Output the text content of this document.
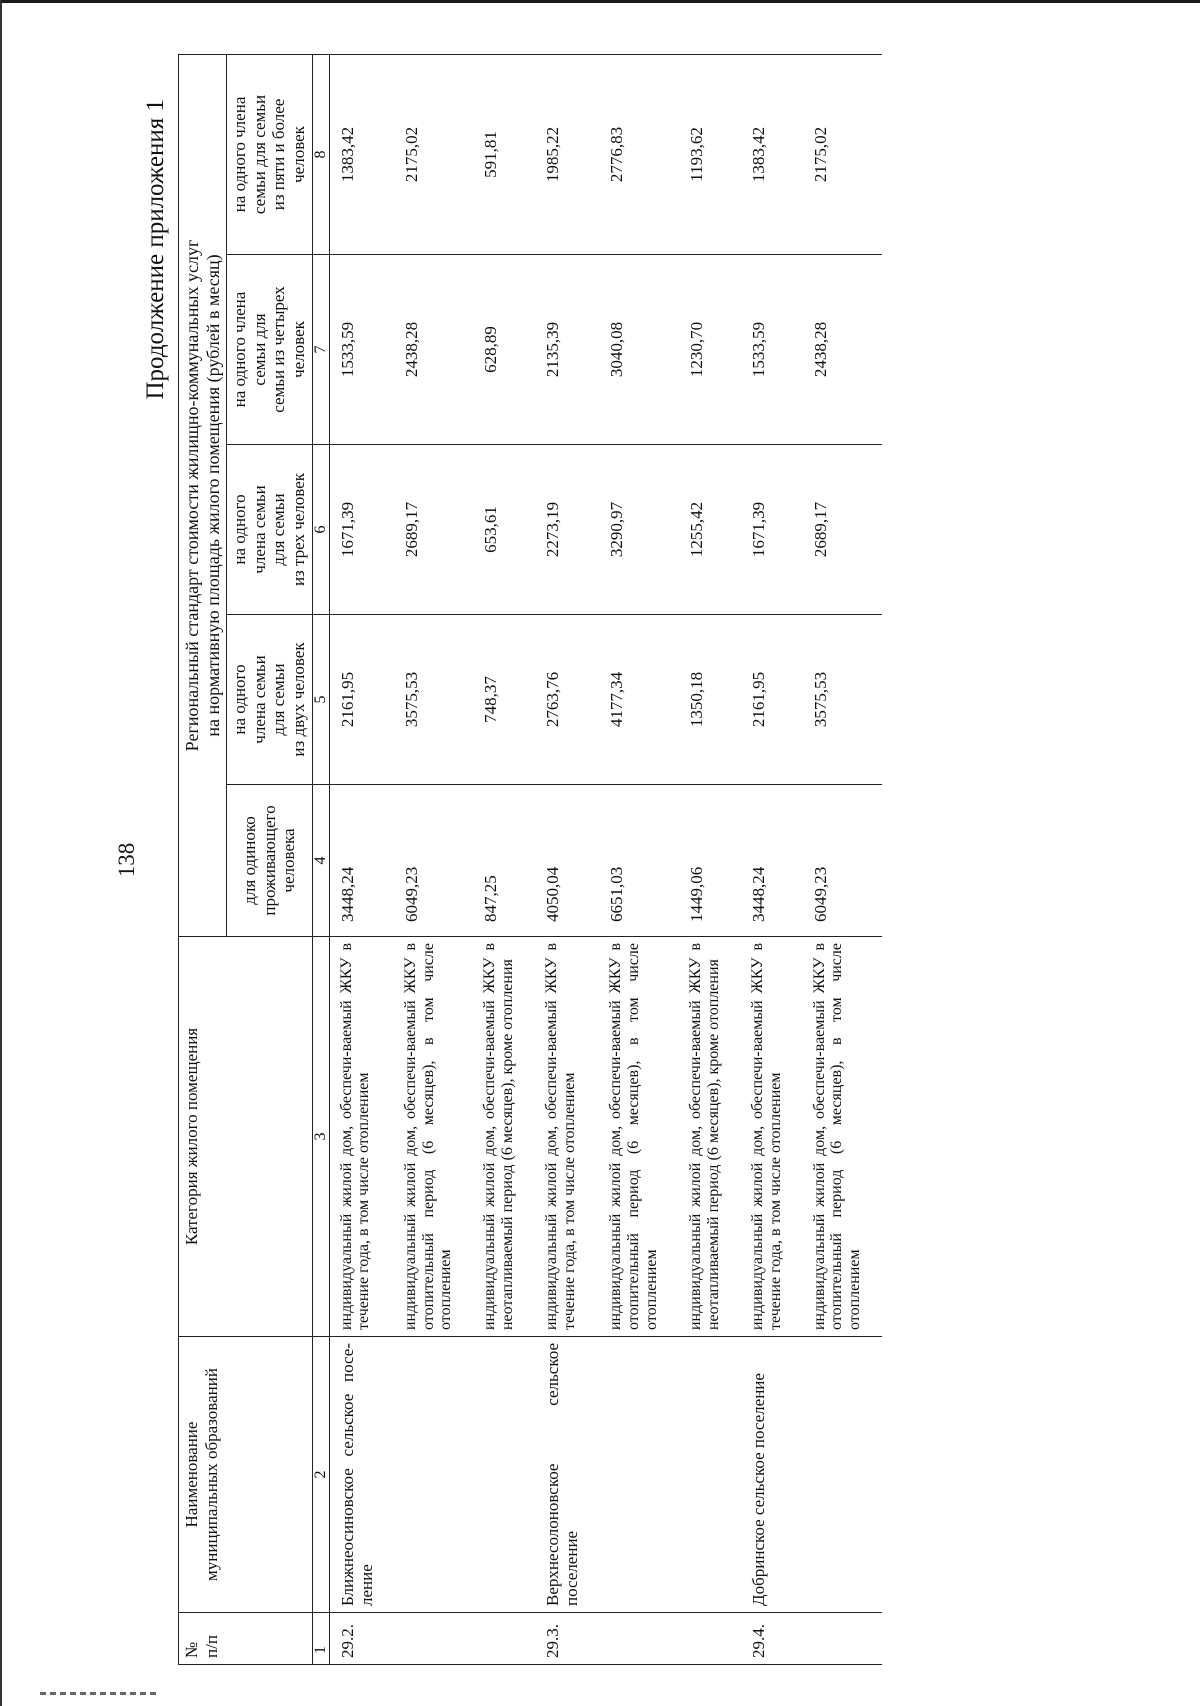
138
Продолжение приложения 1
№
п/п	Наименование
муниципальных образований	Категория жилого помещения	Региональный стандарт стоимости жилищно-коммунальных услуг
на нормативную площадь жилого помещения (рублей в месяц)				
			для одиноко
проживающего
человека	на одного
члена семьи
для семьи
из двух человек	на одного
члена семьи
для семьи
из трех человек	на одного члена
семьи для
семьи из четырех
человек	на одного члена
семьи для семьи
из пяти и более
человек
1	2	3	4	5	6	7	8
29.2.	Ближнеосиновское сельское посе-ление	индивидуальный жилой дом, обеспечи-ваемый ЖКУ в течение года, в том числе отоплением	3448,24	2161,95	1671,39	1533,59	1383,42
		индивидуальный жилой дом, обеспечи-ваемый ЖКУ в отопительный период (6 месяцев), в том числе отоплением	6049,23	3575,53	2689,17	2438,28	2175,02
		индивидуальный жилой дом, обеспечи-ваемый ЖКУ в неотапливаемый период (6 месяцев), кроме отопления	847,25	748,37	653,61	628,89	591,81
29.3.	Верхнесолоновское сельское поселение	индивидуальный жилой дом, обеспечи-ваемый ЖКУ в течение года, в том числе отоплением	4050,04	2763,76	2273,19	2135,39	1985,22
		индивидуальный жилой дом, обеспечи-ваемый ЖКУ в отопительный период (6 месяцев), в том числе отоплением	6651,03	4177,34	3290,97	3040,08	2776,83
		индивидуальный жилой дом, обеспечи-ваемый ЖКУ в неотапливаемый период (6 месяцев), кроме отопления	1449,06	1350,18	1255,42	1230,70	1193,62
29.4.	Добринское сельское поселение	индивидуальный жилой дом, обеспечи-ваемый ЖКУ в течение года, в том числе отоплением	3448,24	2161,95	1671,39	1533,59	1383,42
		индивидуальный жилой дом, обеспечи-ваемый ЖКУ в отопительный период (6 месяцев), в том числе отоплением	6049,23	3575,53	2689,17	2438,28	2175,02
